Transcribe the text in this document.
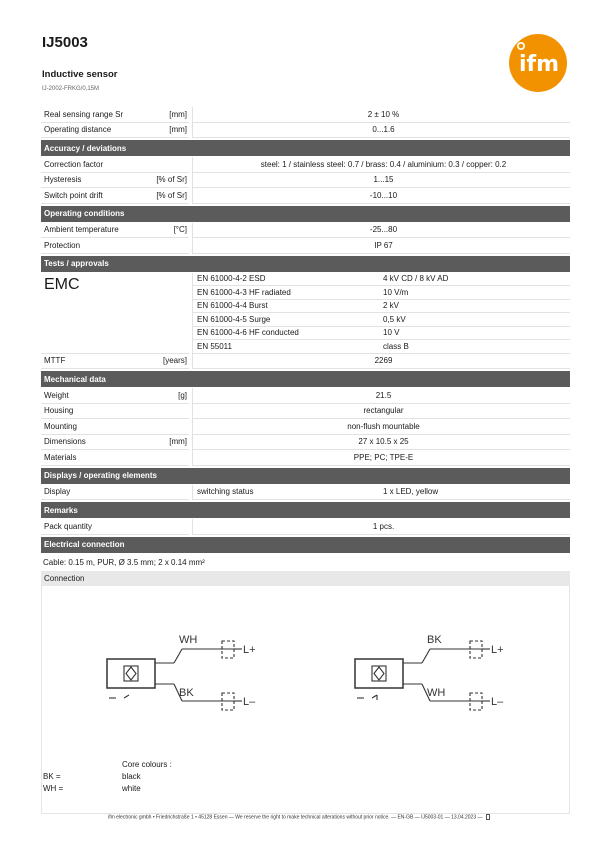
IJ5003
Inductive sensor
IJ-2002-FRKG/0,15M
ifm
Real sensing range Sr	[mm]	2 ± 10 %
Operating distance	[mm]	0...1.6
Accuracy / deviations
Correction factor	steel: 1 / stainless steel: 0.7 / brass: 0.4 / aluminium: 0.3 / copper: 0.2
Hysteresis	[% of Sr]	1...15
Switch point drift	[% of Sr]	-10...10
Operating conditions
Ambient temperature	[°C]	-25...80
Protection	IP 67
Tests / approvals
EMC	EN 61000-4-2 ESD	4 kV CD / 8 kV AD
EN 61000-4-3 HF radiated	10 V/m
EN 61000-4-4 Burst	2 kV
EN 61000-4-5 Surge	0,5 kV
EN 61000-4-6 HF conducted	10 V
EN 55011	class B
MTTF	[years]	2269
Mechanical data
Weight	[g]	21.5
Housing	rectangular
Mounting	non-flush mountable
Dimensions	[mm]	27 x 10.5 x 25
Materials	PPE; PC; TPE-E
Displays / operating elements
Display	switching status	1 x LED, yellow
Remarks
Pack quantity	1 pcs.
Electrical connection
Cable: 0.15 m, PUR, Ø 3.5 mm; 2 x 0.14 mm²
Connection
WH
BK
L+
L–
BK
WH
L+
L–
Core colours :
BK =	black
WH =	white
ifm electronic gmbh • Friedrichstraße 1 • 45128 Essen — We reserve the right to make technical alterations without prior notice. — EN-GB — IJ5003-01 — 13.04.2023 —
